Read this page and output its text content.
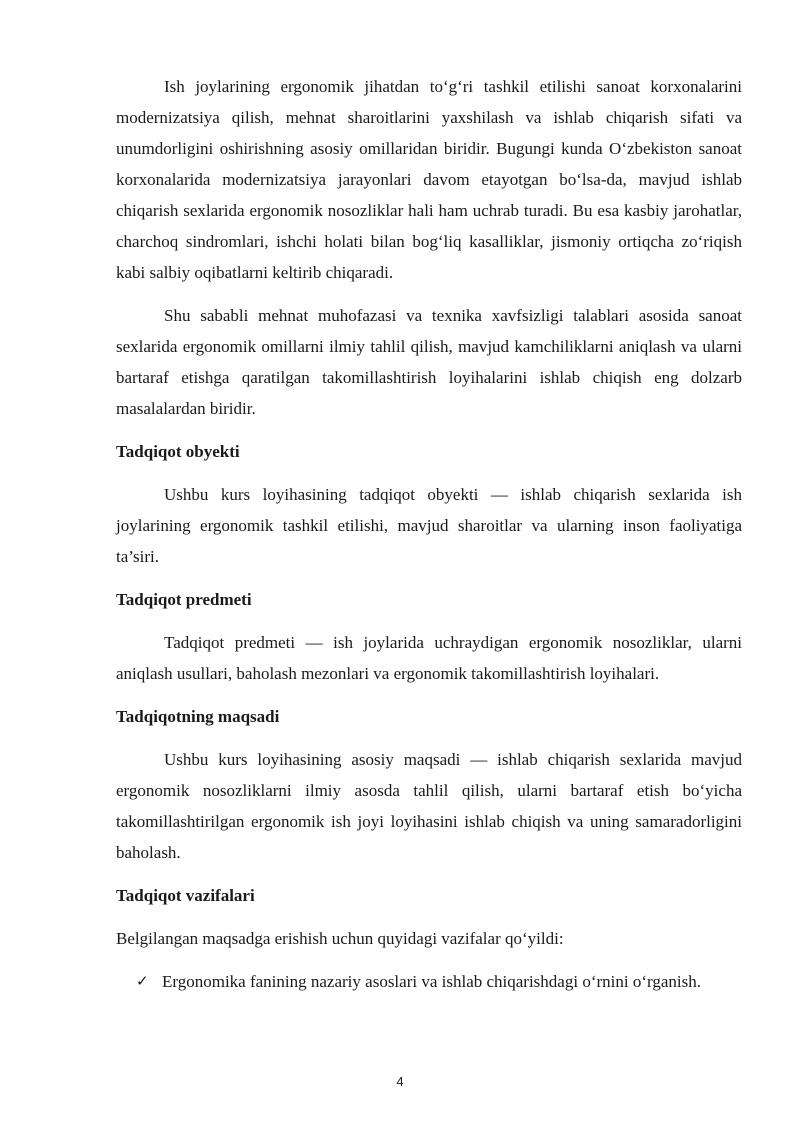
Ish joylarining ergonomik jihatdan to‘g‘ri tashkil etilishi sanoat korxonalarini modernizatsiya qilish, mehnat sharoitlarini yaxshilash va ishlab chiqarish sifati va unumdorligini oshirishning asosiy omillaridan biridir. Bugungi kunda O‘zbekiston sanoat korxonalarida modernizatsiya jarayonlari davom etayotgan bo‘lsa-da, mavjud ishlab chiqarish sexlarida ergonomik nosozliklar hali ham uchrab turadi. Bu esa kasbiy jarohatlar, charchoq sindromlari, ishchi holati bilan bog‘liq kasalliklar, jismoniy ortiqcha zo‘riqish kabi salbiy oqibatlarni keltirib chiqaradi.

Shu sababli mehnat muhofazasi va texnika xavfsizligi talablari asosida sanoat sexlarida ergonomik omillarni ilmiy tahlil qilish, mavjud kamchiliklarni aniqlash va ularni bartaraf etishga qaratilgan takomillashtirish loyihalarini ishlab chiqish eng dolzarb masalalardan biridir.

Tadqiqot obyekti

Ushbu kurs loyihasining tadqiqot obyekti — ishlab chiqarish sexlarida ish joylarining ergonomik tashkil etilishi, mavjud sharoitlar va ularning inson faoliyatiga ta’siri.

Tadqiqot predmeti

Tadqiqot predmeti — ish joylarida uchraydigan ergonomik nosozliklar, ularni aniqlash usullari, baholash mezonlari va ergonomik takomillashtirish loyihalari.

Tadqiqotning maqsadi

Ushbu kurs loyihasining asosiy maqsadi — ishlab chiqarish sexlarida mavjud ergonomik nosozliklarni ilmiy asosda tahlil qilish, ularni bartaraf etish bo‘yicha takomillashtirilgan ergonomik ish joyi loyihasini ishlab chiqish va uning samaradorligini baholash.

Tadqiqot vazifalari

Belgilangan maqsadga erishish uchun quyidagi vazifalar qo‘yildi:

✓ Ergonomika fanining nazariy asoslari va ishlab chiqarishdagi o‘rnini o‘rganish.
4
